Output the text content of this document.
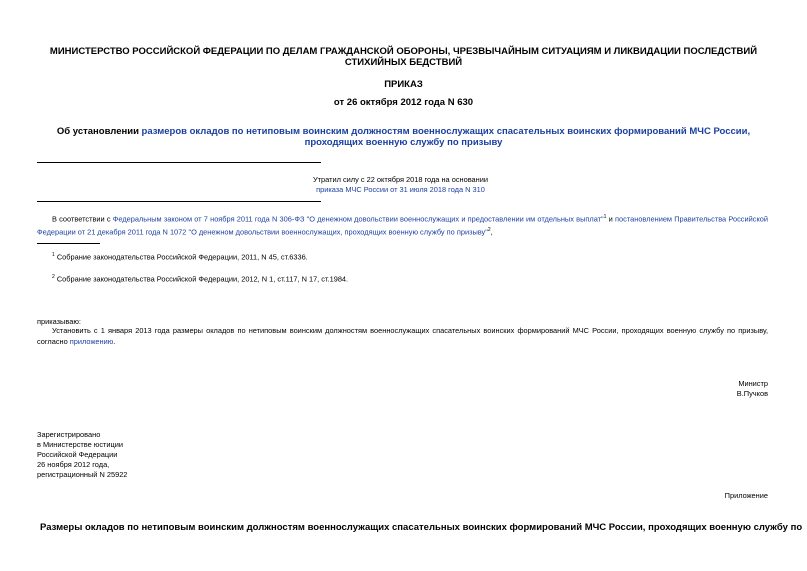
МИНИСТЕРСТВО РОССИЙСКОЙ ФЕДЕРАЦИИ ПО ДЕЛАМ ГРАЖДАНСКОЙ ОБОРОНЫ, ЧРЕЗВЫЧАЙНЫМ СИТУАЦИЯМ И ЛИКВИДАЦИИ ПОСЛЕДСТВИЙ СТИХИЙНЫХ БЕДСТВИЙ
ПРИКАЗ
от 26 октября 2012 года N 630
Об установлении размеров окладов по нетиповым воинским должностям военнослужащих спасательных воинских формирований МЧС России, проходящих военную службу по призыву
Утратил силу с 22 октября 2018 года на основании
приказа МЧС России от 31 июля 2018 года N 310
В соответствии с Федеральным законом от 7 ноября 2011 года N 306-ФЗ "О денежном довольствии военнослужащих и предоставлении им отдельных выплат"$^1$ и постановлением Правительства Российской Федерации от 21 декабря 2011 года N 1072 "О денежном довольствии военнослужащих, проходящих военную службу по призыву"$^2$,
$^1$ Собрание законодательства Российской Федерации, 2011, N 45, ст.6336.
$^2$ Собрание законодательства Российской Федерации, 2012, N 1, ст.117, N 17, ст.1984.
приказываю:
Установить с 1 января 2013 года размеры окладов по нетиповым воинским должностям военнослужащих спасательных воинских формирований МЧС России, проходящих военную службу по призыву, согласно приложению.
Министр
В.Пучков
Зарегистрировано
в Министерстве юстиции
Российской Федерации
26 ноября 2012 года,
регистрационный N 25922
Приложение
Размеры окладов по нетиповым воинским должностям военнослужащих спасательных воинских формирований МЧС России, проходящих военную службу по
